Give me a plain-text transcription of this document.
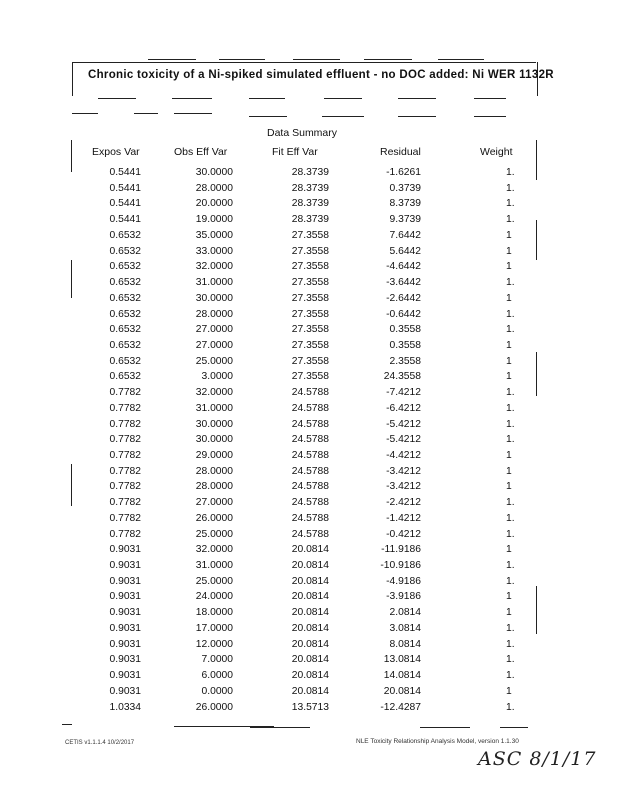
Chronic toxicity of a Ni-spiked simulated effluent - no DOC added: Ni WER 1132R
Data Summary
Expos Var	Obs Eff Var	Fit Eff Var	Residual	Weight
0.5441	30.0000	28.3739	-1.6261	1.
0.5441	28.0000	28.3739	0.3739	1.
0.5441	20.0000	28.3739	8.3739	1.
0.5441	19.0000	28.3739	9.3739	1.
0.6532	35.0000	27.3558	7.6442	1
0.6532	33.0000	27.3558	5.6442	1
0.6532	32.0000	27.3558	-4.6442	1
0.6532	31.0000	27.3558	-3.6442	1.
0.6532	30.0000	27.3558	-2.6442	1
0.6532	28.0000	27.3558	-0.6442	1.
0.6532	27.0000	27.3558	0.3558	1.
0.6532	27.0000	27.3558	0.3558	1
0.6532	25.0000	27.3558	2.3558	1
0.6532	3.0000	27.3558	24.3558	1
0.7782	32.0000	24.5788	-7.4212	1.
0.7782	31.0000	24.5788	-6.4212	1.
0.7782	30.0000	24.5788	-5.4212	1.
0.7782	30.0000	24.5788	-5.4212	1.
0.7782	29.0000	24.5788	-4.4212	1
0.7782	28.0000	24.5788	-3.4212	1
0.7782	28.0000	24.5788	-3.4212	1
0.7782	27.0000	24.5788	-2.4212	1.
0.7782	26.0000	24.5788	-1.4212	1.
0.7782	25.0000	24.5788	-0.4212	1.
0.9031	32.0000	20.0814	-11.9186	1
0.9031	31.0000	20.0814	-10.9186	1.
0.9031	25.0000	20.0814	-4.9186	1.
0.9031	24.0000	20.0814	-3.9186	1
0.9031	18.0000	20.0814	2.0814	1
0.9031	17.0000	20.0814	3.0814	1.
0.9031	12.0000	20.0814	8.0814	1.
0.9031	7.0000	20.0814	13.0814	1.
0.9031	6.0000	20.0814	14.0814	1.
0.9031	0.0000	20.0814	20.0814	1
1.0334	26.0000	13.5713	-12.4287	1.
CETIS v1.1.1.4 10/2/2017	NLE Toxicity Relationship Analysis Model, version 1.1.30
ASC 8/1/17
